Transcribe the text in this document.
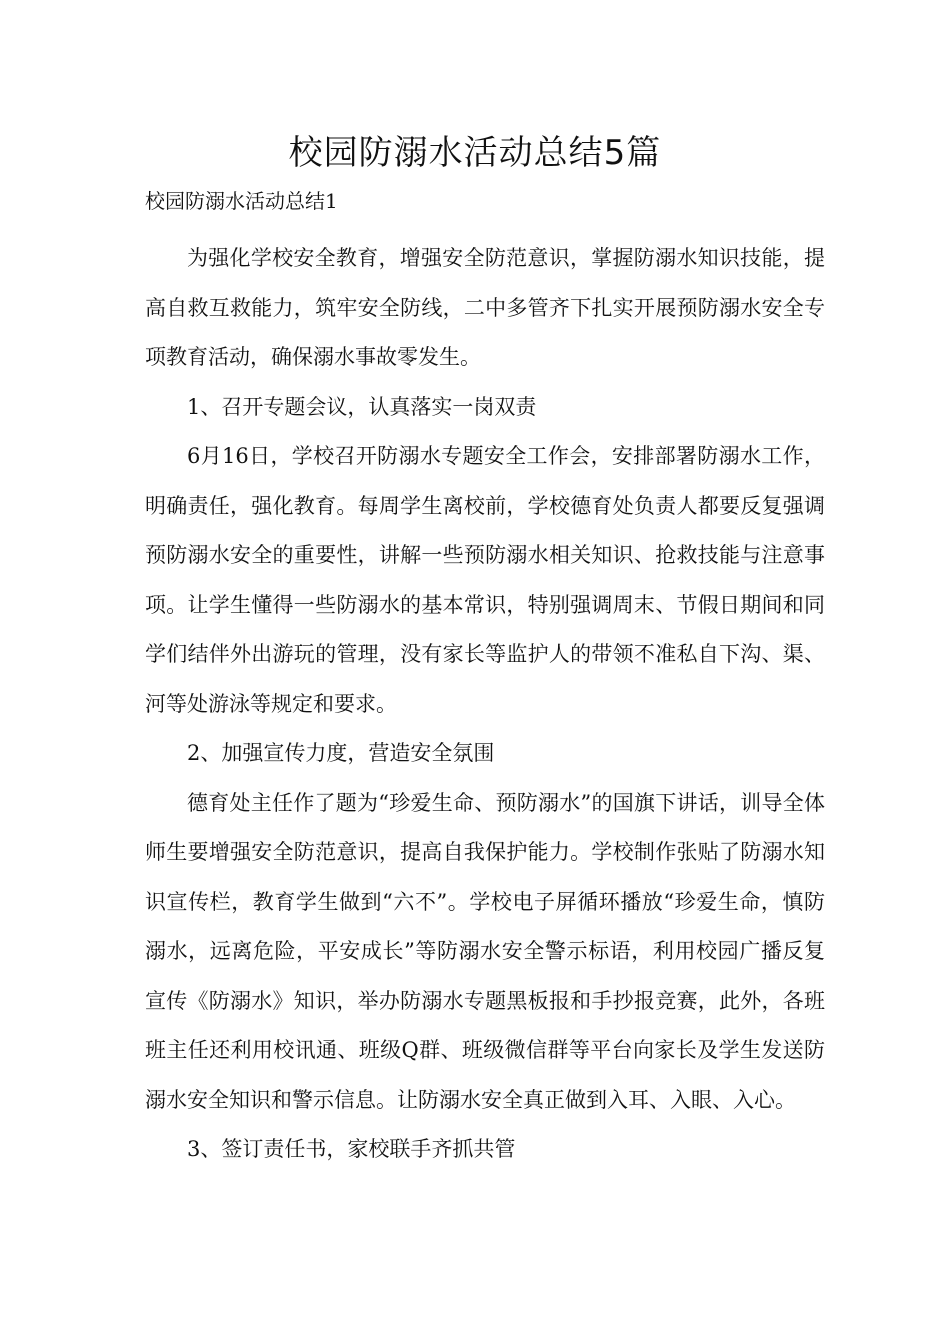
校园防溺水活动总结5篇

校园防溺水活动总结1

为强化学校安全教育，增强安全防范意识，掌握防溺水知识技能，提高自救互救能力，筑牢安全防线，二中多管齐下扎实开展预防溺水安全专项教育活动，确保溺水事故零发生。

1、召开专题会议，认真落实一岗双责

6月16日，学校召开防溺水专题安全工作会，安排部署防溺水工作，明确责任，强化教育。每周学生离校前，学校德育处负责人都要反复强调预防溺水安全的重要性，讲解一些预防溺水相关知识、抢救技能与注意事项。让学生懂得一些防溺水的基本常识，特别强调周末、节假日期间和同学们结伴外出游玩的管理，没有家长等监护人的带领不准私自下沟、渠、河等处游泳等规定和要求。

2、加强宣传力度，营造安全氛围

德育处主任作了题为“珍爱生命、预防溺水”的国旗下讲话，训导全体师生要增强安全防范意识，提高自我保护能力。学校制作张贴了防溺水知识宣传栏，教育学生做到“六不”。学校电子屏循环播放“珍爱生命，慎防溺水，远离危险，平安成长”等防溺水安全警示标语，利用校园广播反复宣传《防溺水》知识，举办防溺水专题黑板报和手抄报竞赛，此外，各班班主任还利用校讯通、班级Q群、班级微信群等平台向家长及学生发送防溺水安全知识和警示信息。让防溺水安全真正做到入耳、入眼、入心。

3、签订责任书，家校联手齐抓共管
